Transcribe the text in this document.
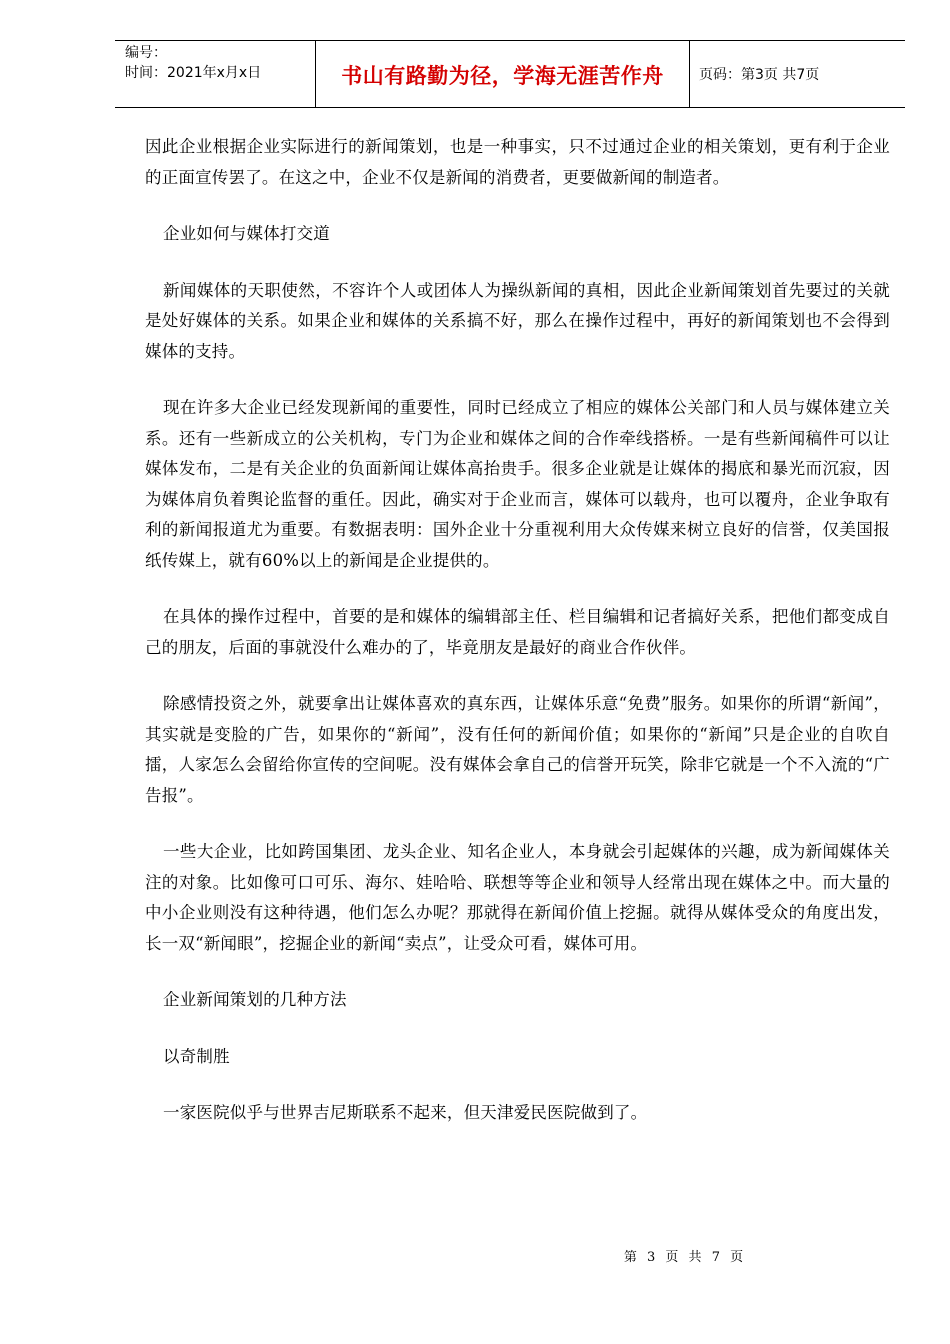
编号：
时间：2021年x月x日	书山有路勤为径，学海无涯苦作舟	页码：第3页 共7页

因此企业根据企业实际进行的新闻策划，也是一种事实，只不过通过企业的相关策划，更有利于企业的正面宣传罢了。在这之中，企业不仅是新闻的消费者，更要做新闻的制造者。

企业如何与媒体打交道

新闻媒体的天职使然，不容许个人或团体人为操纵新闻的真相，因此企业新闻策划首先要过的关就是处好媒体的关系。如果企业和媒体的关系搞不好，那么在操作过程中，再好的新闻策划也不会得到媒体的支持。

现在许多大企业已经发现新闻的重要性，同时已经成立了相应的媒体公关部门和人员与媒体建立关系。还有一些新成立的公关机构，专门为企业和媒体之间的合作牵线搭桥。一是有些新闻稿件可以让媒体发布，二是有关企业的负面新闻让媒体高抬贵手。很多企业就是让媒体的揭底和暴光而沉寂，因为媒体肩负着舆论监督的重任。因此，确实对于企业而言，媒体可以载舟，也可以覆舟，企业争取有利的新闻报道尤为重要。有数据表明：国外企业十分重视利用大众传媒来树立良好的信誉，仅美国报纸传媒上，就有60%以上的新闻是企业提供的。

在具体的操作过程中，首要的是和媒体的编辑部主任、栏目编辑和记者搞好关系，把他们都变成自己的朋友，后面的事就没什么难办的了，毕竟朋友是最好的商业合作伙伴。

除感情投资之外，就要拿出让媒体喜欢的真东西，让媒体乐意“免费”服务。如果你的所谓“新闻”，其实就是变脸的广告，如果你的“新闻”，没有任何的新闻价值；如果你的“新闻”只是企业的自吹自擂，人家怎么会留给你宣传的空间呢。没有媒体会拿自己的信誉开玩笑，除非它就是一个不入流的“广告报”。

一些大企业，比如跨国集团、龙头企业、知名企业人，本身就会引起媒体的兴趣，成为新闻媒体关注的对象。比如像可口可乐、海尔、娃哈哈、联想等等企业和领导人经常出现在媒体之中。而大量的中小企业则没有这种待遇，他们怎么办呢？那就得在新闻价值上挖掘。就得从媒体受众的角度出发，长一双“新闻眼”，挖掘企业的新闻“卖点”，让受众可看，媒体可用。

企业新闻策划的几种方法

以奇制胜

一家医院似乎与世界吉尼斯联系不起来，但天津爱民医院做到了。

第 3 页 共 7 页
